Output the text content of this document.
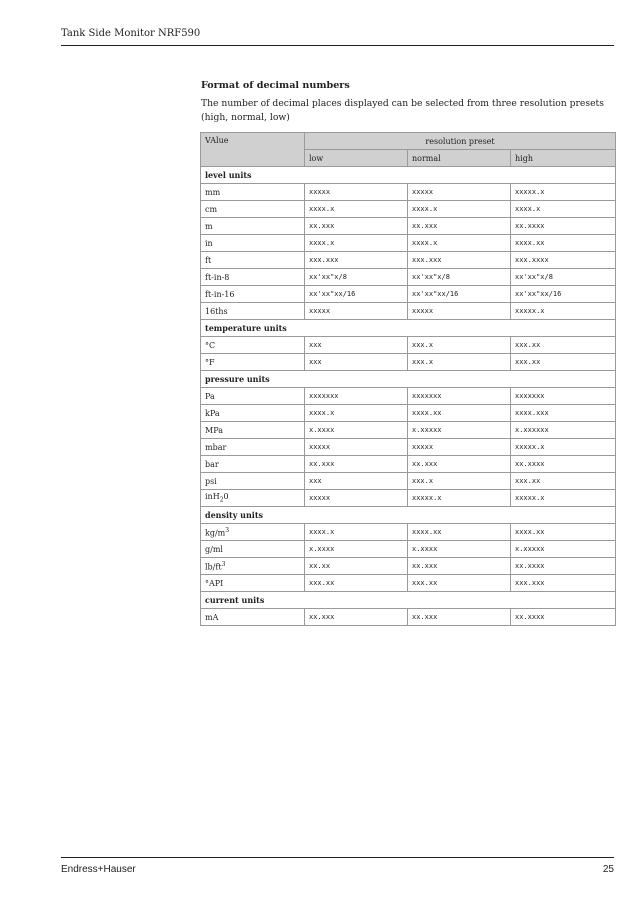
Tank Side Monitor NRF590
Format of decimal numbers
The number of decimal places displayed can be selected from three resolution presets (high, normal, low)
VAlue	resolution preset		
	low	normal	high
level units			
mm	xxxxx	xxxxx	xxxxx.x
cm	xxxx.x	xxxx.x	xxxx.x
m	xx.xxx	xx.xxx	xx.xxxx
in	xxxx.x	xxxx.x	xxxx.xx
ft	xxx.xxx	xxx.xxx	xxx.xxxx
ft-in-8	xx'xx"x/8	xx'xx"x/8	xx'xx"x/8
ft-in-16	xx'xx"xx/16	xx'xx"xx/16	xx'xx"xx/16
16ths	xxxxx	xxxxx	xxxxx.x
temperature units			
°C	xxx	xxx.x	xxx.xx
°F	xxx	xxx.x	xxx.xx
pressure units			
Pa	xxxxxxx	xxxxxxx	xxxxxxx
kPa	xxxx.x	xxxx.xx	xxxx.xxx
MPa	x.xxxx	x.xxxxx	x.xxxxxx
mbar	xxxxx	xxxxx	xxxxx.x
bar	xx.xxx	xx.xxx	xx.xxxx
psi	xxx	xxx.x	xxx.xx
inH$_2$0	xxxxx	xxxxx.x	xxxxx.x
density units			
$kg/m^3$	xxxx.x	xxxx.xx	xxxx.xx
g/ml	x.xxxx	x.xxxx	x.xxxxx
$lb/ft^3$	xx.xx	xx.xxx	xx.xxxx
°API	xxx.xx	xxx.xx	xxx.xxx
current units			
mA	xx.xxx	xx.xxx	xx.xxxx
Endress+Hauser	25
